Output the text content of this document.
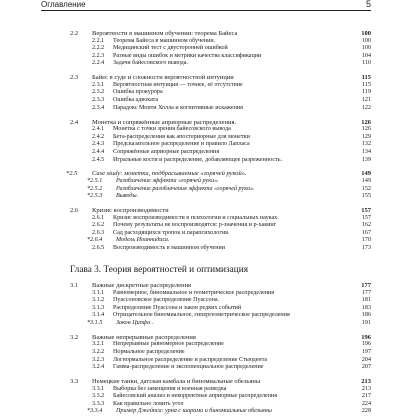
Оглавление	5
2.2 Вероятности в машинном обучении: теорема Байеса	100
2.2.1 Теорема Байеса в машинном обучении.	100
2.2.2 Медицинский тест с двусторонней ошибкой	100
2.2.3 Разные виды ошибок и метрики качества классификации	104
2.2.4 Задачи байесовского вывода.	110
2.3 Байес в суде и сложности вероятностной интуиции	115
2.3.1 Вероятностная интуиция — точнее, её отсутствие	115
2.3.2 Ошибка прокурора	119
2.3.3 Ошибка адвоката	121
2.3.4 Парадокс Монти Холла и когнитивные искажения	122
2.4 Монетка и сопряжённые априорные распределения.	126
2.4.1 Монетка с точки зрения байесовского вывода	126
2.4.2 Бета-распределения как апостериорные для монетки	129
2.4.3 Предсказательное распределение и правило Лапласа	132
2.4.4 Сопряжённые априорные распределения	134
2.4.5 Игральные кости и распределение, добавляющее разреженность.	139
*2.5 Case study: монетки, подбрасываемые «горячей рукой».	149
*2.5.1 Разоблачение эффекта «горячей руки».	149
*2.5.2 Разоблачение разоблачения эффекта «горячей руки».	152
*2.5.3 Выводы.	155
2.6 Кризис воспроизводимости	157
2.6.1 Кризис воспроизводимости в психологии и социальных науках.	157
2.6.2 Почему результаты не воспроизводятся: p-значения и p-хакинг	162
2.6.3 Сад расходящихся тропок и парапсихология.	167
*2.6.4 Модель Иоаннидиса.	170
2.6.5 Воспроизводимость в машинном обучении	173
Глава 3. Теория вероятностей и оптимизация
3.1 Важные дискретные распределения	177
3.1.1 Равномерное, биномиальное и геометрическое распределения	177
3.1.2 Пуассоновское распределение Пуассона.	181
3.1.3 Распределение Пуассона и закон редких событий	183
3.1.4 Отрицательное биномиальное, гипергеометрическое распределения	186
*3.1.5 Закон Ципфа .	191
3.2 Важные непрерывные распределения	196
3.2.1 Непрерывные равномерное распределение	196
3.2.2 Нормальное распределение	197
3.2.3 Логнормальное распределение и распределение Стьюдента	204
3.2.4 Гамма-распределение и экспоненциальное распределение	207
3.3 Немецкие танки, датская камбала и биномиальные обезьяны	213
3.3.1 Выборка без замещения и военная разведка	213
3.3.2 Байесовский анализ и некорректные априорные распределения	217
3.3.3 Как правильно ловить угол	224
*3.3.4 Пример Джейнса: урна с шарами и биномиальные обезьяны	228
